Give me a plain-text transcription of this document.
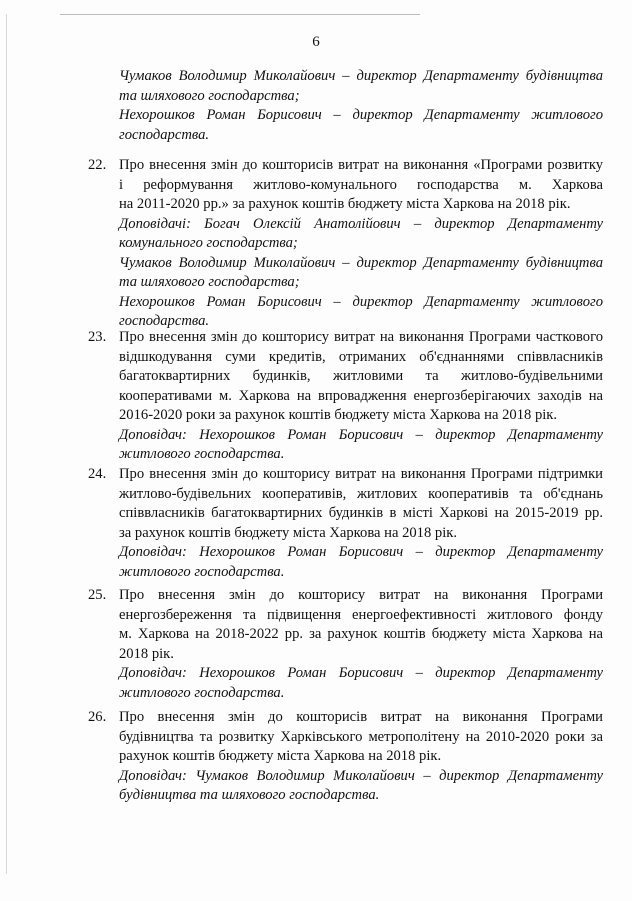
6
Чумаков Володимир Миколайович – директор Департаменту будівництва
та шляхового господарства;
Нехорошков Роман Борисович – директор Департаменту житлового
господарства.
22. Про внесення змін до кошторисів витрат на виконання «Програми розвитку
і реформування житлово-комунального господарства м. Харкова
на 2011-2020 рр.» за рахунок коштів бюджету міста Харкова на 2018 рік.
Доповідачі: Богач Олексій Анатолійович – директор Департаменту
комунального господарства;
Чумаков Володимир Миколайович – директор Департаменту будівництва
та шляхового господарства;
Нехорошков Роман Борисович – директор Департаменту житлового
господарства.
23. Про внесення змін до кошторису витрат на виконання Програми часткового
відшкодування суми кредитів, отриманих об'єднаннями співвласників
багатоквартирних будинків, житловими та житлово-будівельними
кооперативами м. Харкова на впровадження енергозберігаючих заходів на
2016-2020 роки за рахунок коштів бюджету міста Харкова на 2018 рік.
Доповідач: Нехорошков Роман Борисович – директор Департаменту
житлового господарства.
24. Про внесення змін до кошторису витрат на виконання Програми підтримки
житлово-будівельних кооперативів, житлових кооперативів та об'єднань
співвласників багатоквартирних будинків в місті Харкові на 2015-2019 рр.
за рахунок коштів бюджету міста Харкова на 2018 рік.
Доповідач: Нехорошков Роман Борисович – директор Департаменту
житлового господарства.
25. Про внесення змін до кошторису витрат на виконання Програми
енергозбереження та підвищення енергоефективності житлового фонду
м. Харкова на 2018-2022 рр. за рахунок коштів бюджету міста Харкова на
2018 рік.
Доповідач: Нехорошков Роман Борисович – директор Департаменту
житлового господарства.
26. Про внесення змін до кошторисів витрат на виконання Програми
будівництва та розвитку Харківського метрополітену на 2010-2020 роки за
рахунок коштів бюджету міста Харкова на 2018 рік.
Доповідач: Чумаков Володимир Миколайович – директор Департаменту
будівництва та шляхового господарства.
